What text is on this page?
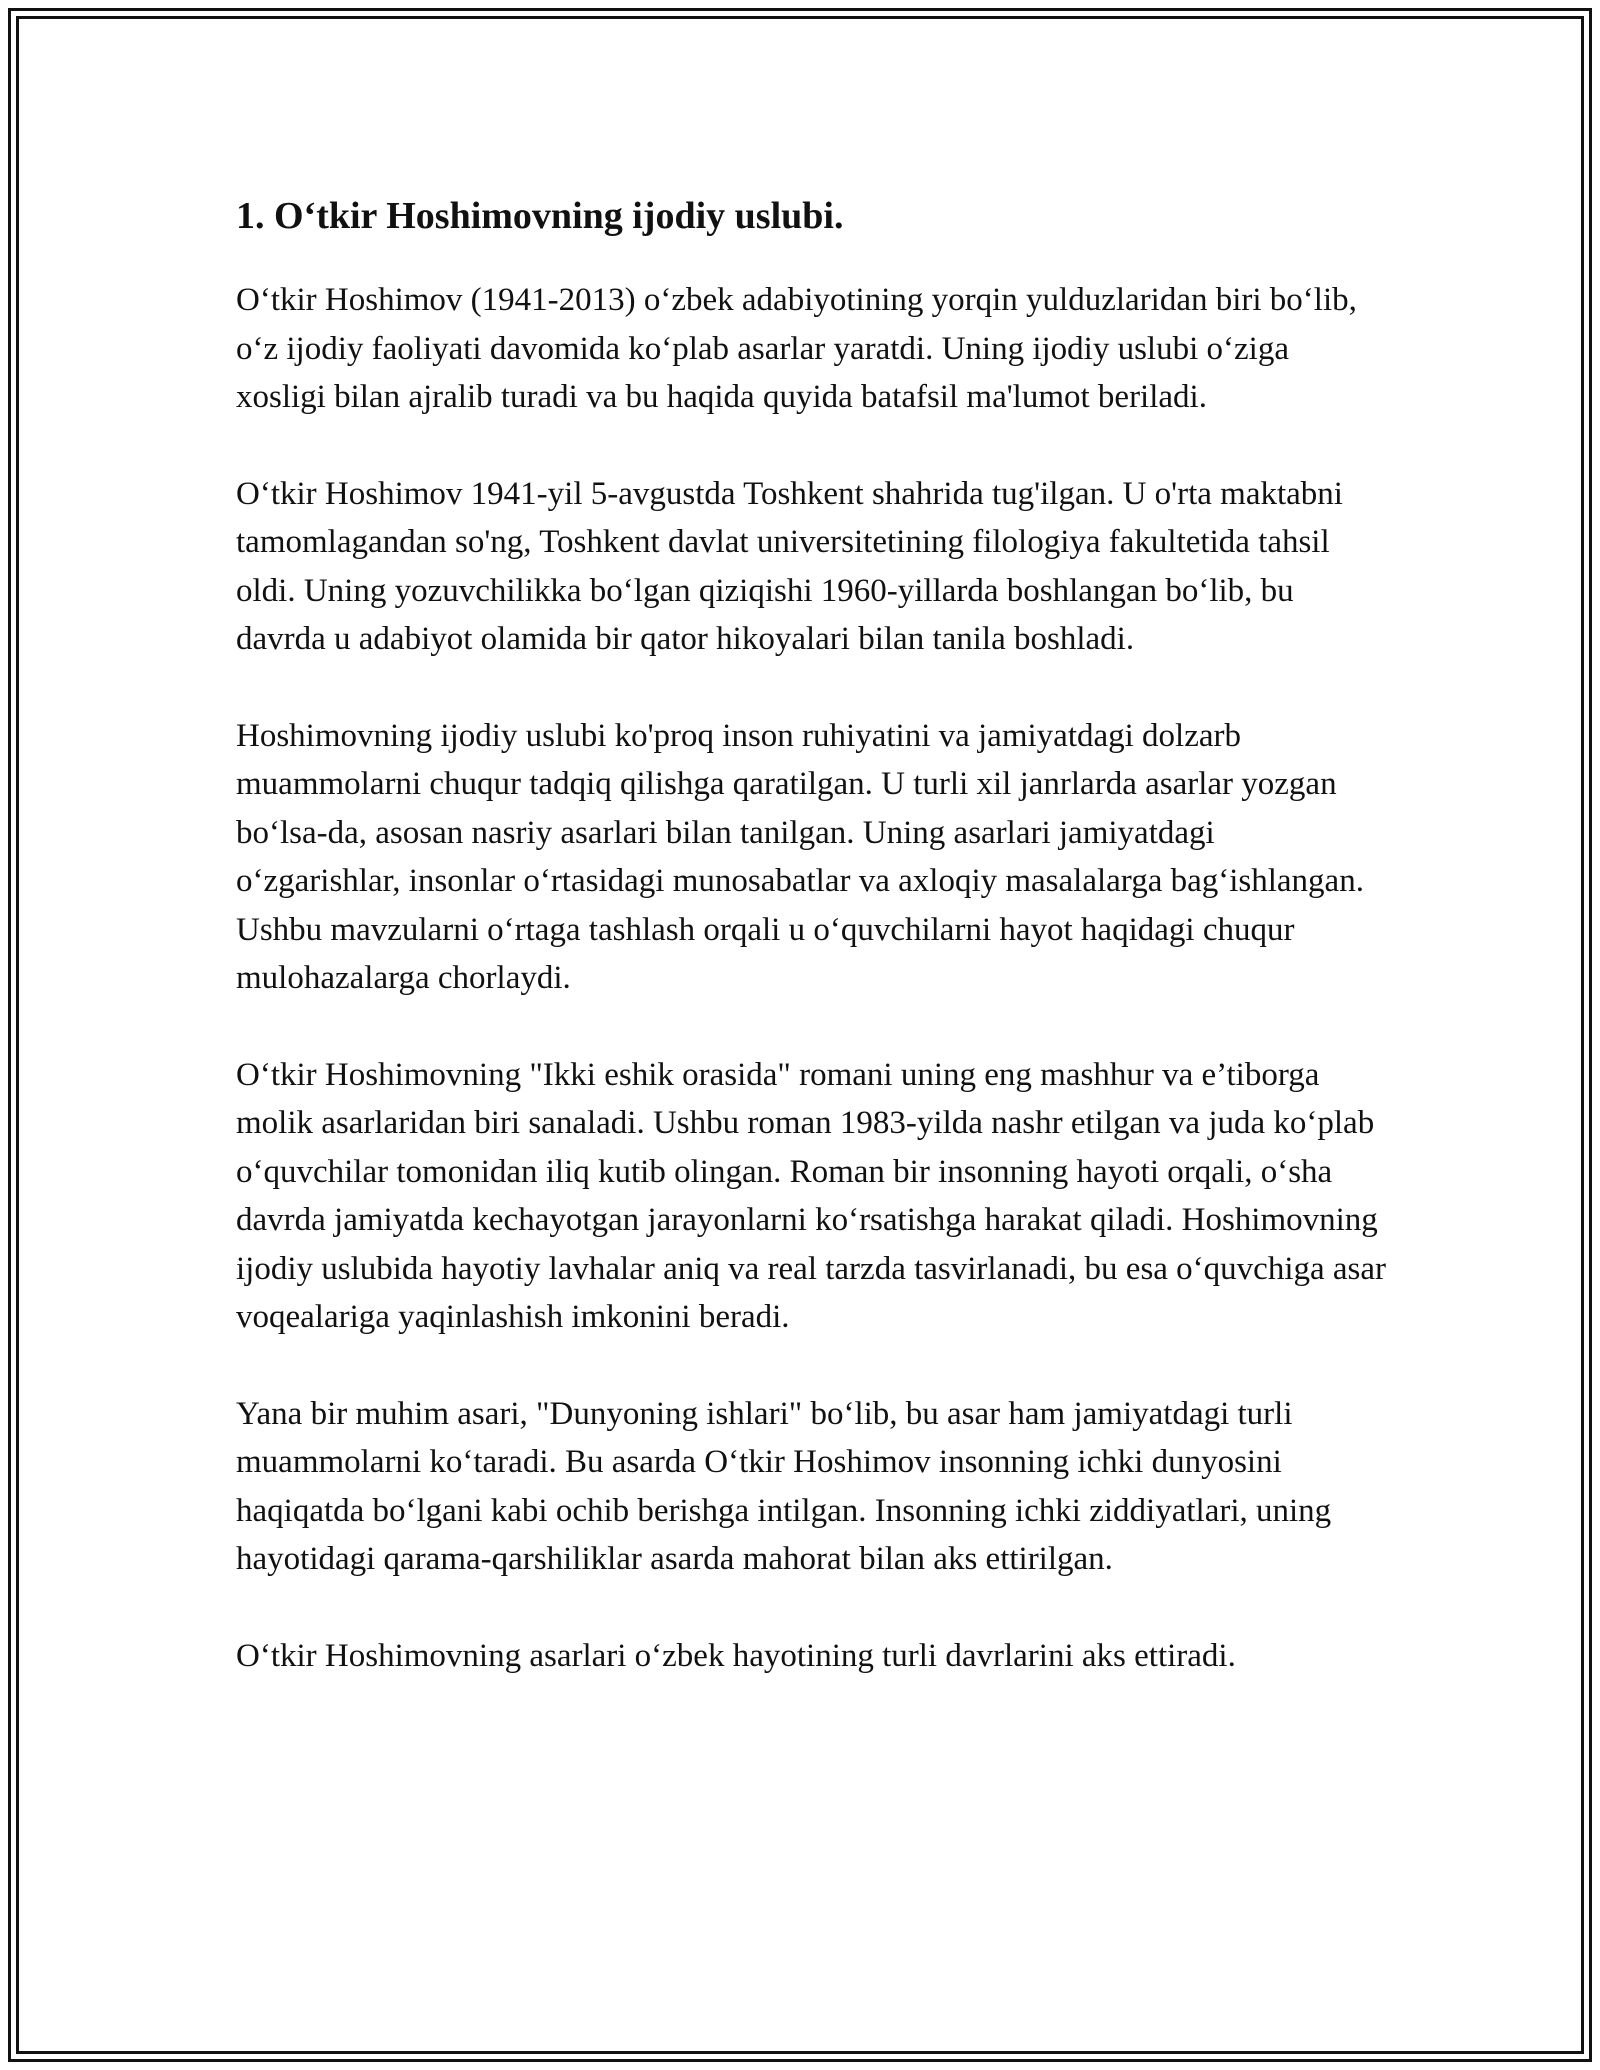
1. O‘tkir Hoshimovning ijodiy uslubi.

O‘tkir Hoshimov (1941-2013) o‘zbek adabiyotining yorqin yulduzlaridan biri bo‘lib, o‘z ijodiy faoliyati davomida ko‘plab asarlar yaratdi. Uning ijodiy uslubi o‘ziga xosligi bilan ajralib turadi va bu haqida quyida batafsil ma'lumot beriladi.

O‘tkir Hoshimov 1941-yil 5-avgustda Toshkent shahrida tug'ilgan. U o'rta maktabni tamomlagandan so'ng, Toshkent davlat universitetining filologiya fakultetida tahsil oldi. Uning yozuvchilikka bo‘lgan qiziqishi 1960-yillarda boshlangan bo‘lib, bu davrda u adabiyot olamida bir qator hikoyalari bilan tanila boshladi.

Hoshimovning ijodiy uslubi ko'proq inson ruhiyatini va jamiyatdagi dolzarb muammolarni chuqur tadqiq qilishga qaratilgan. U turli xil janrlarda asarlar yozgan bo‘lsa-da, asosan nasriy asarlari bilan tanilgan. Uning asarlari jamiyatdagi o‘zgarishlar, insonlar o‘rtasidagi munosabatlar va axloqiy masalalarga bag‘ishlangan. Ushbu mavzularni o‘rtaga tashlash orqali u o‘quvchilarni hayot haqidagi chuqur mulohazalarga chorlaydi.

O‘tkir Hoshimovning "Ikki eshik orasida" romani uning eng mashhur va e’tiborga molik asarlaridan biri sanaladi. Ushbu roman 1983-yilda nashr etilgan va juda ko‘plab o‘quvchilar tomonidan iliq kutib olingan. Roman bir insonning hayoti orqali, o‘sha davrda jamiyatda kechayotgan jarayonlarni ko‘rsatishga harakat qiladi. Hoshimovning ijodiy uslubida hayotiy lavhalar aniq va real tarzda tasvirlanadi, bu esa o‘quvchiga asar voqealariga yaqinlashish imkonini beradi.

Yana bir muhim asari, "Dunyoning ishlari" bo‘lib, bu asar ham jamiyatdagi turli muammolarni ko‘taradi. Bu asarda O‘tkir Hoshimov insonning ichki dunyosini haqiqatda bo‘lgani kabi ochib berishga intilgan. Insonning ichki ziddiyatlari, uning hayotidagi qarama-qarshiliklar asarda mahorat bilan aks ettirilgan.

O‘tkir Hoshimovning asarlari o‘zbek hayotining turli davrlarini aks ettiradi.
